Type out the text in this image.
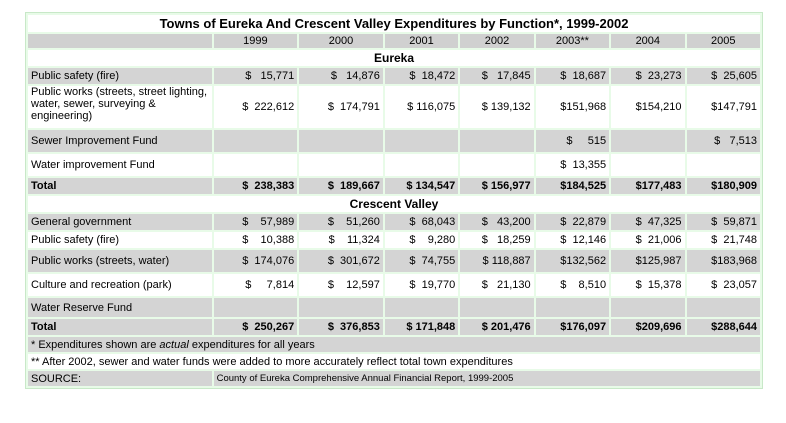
Towns of Eureka And Crescent Valley Expenditures by Function*, 1999-2002							
	1999	2000	2001	2002	2003**	2004	2005
Eureka							
Public safety (fire)	$   15,771	$   14,876	$  18,472	$   17,845	$  18,687	$  23,273	$  25,605
Public works (streets, street lighting, water, sewer, surveying & engineering)	$  222,612	$  174,791	$ 116,075	$ 139,132	$151,968	$154,210	$147,791
Sewer Improvement Fund					$     515		$   7,513
Water improvement Fund					$  13,355		
Total	$  238,383	$  189,667	$ 134,547	$ 156,977	$184,525	$177,483	$180,909
Crescent Valley							
General government	$    57,989	$    51,260	$  68,043	$   43,200	$  22,879	$  47,325	$  59,871
Public safety (fire)	$    10,388	$    11,324	$    9,280	$   18,259	$  12,146	$  21,006	$  21,748
Public works (streets, water)	$  174,076	$  301,672	$  74,755	$ 118,887	$132,562	$125,987	$183,968
Culture and recreation (park)	$     7,814	$    12,597	$  19,770	$   21,130	$    8,510	$  15,378	$  23,057
Water Reserve Fund							
Total	$  250,267	$  376,853	$ 171,848	$ 201,476	$176,097	$209,696	$288,644
* Expenditures shown are actual expenditures for all years							
** After 2002, sewer and water funds were added to more accurately reflect total town expenditures							
SOURCE:	County of Eureka Comprehensive Annual Financial Report, 1999-2005						
